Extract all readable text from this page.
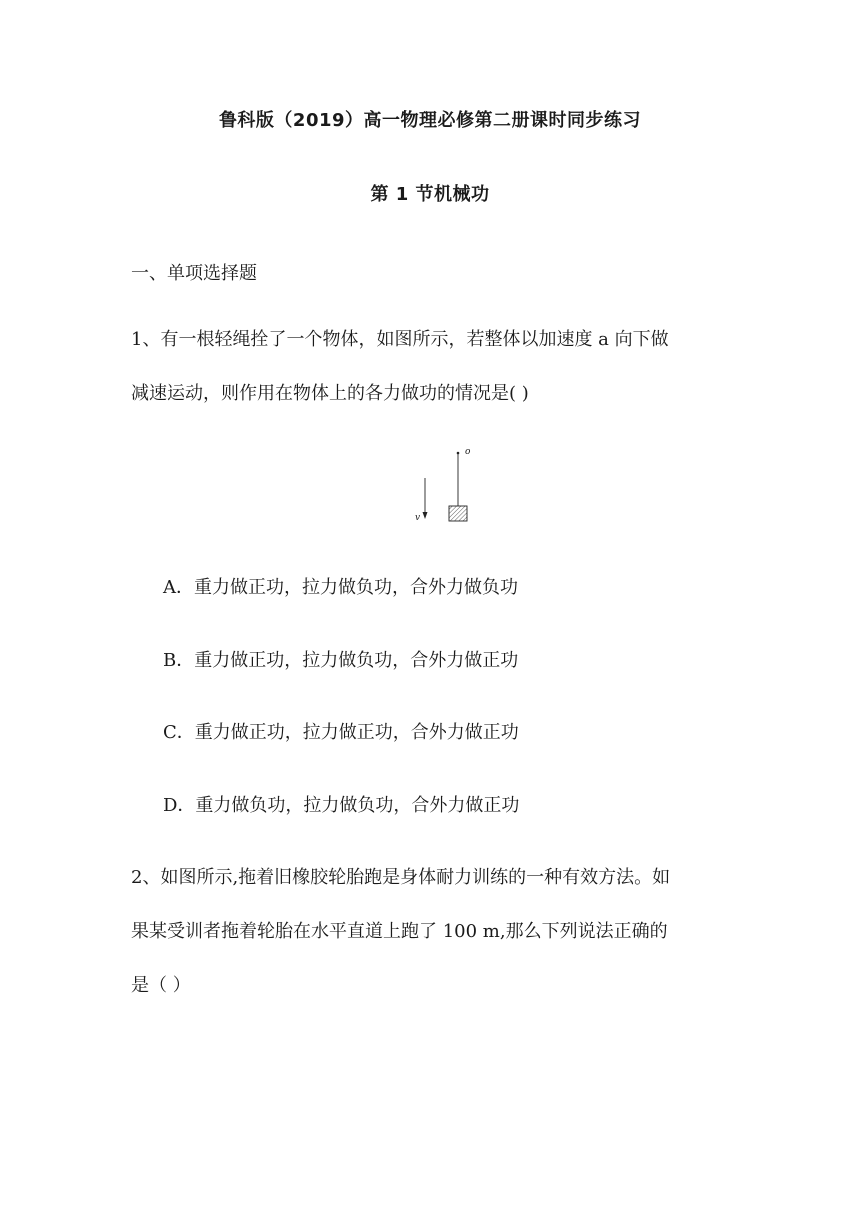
鲁科版（2019）高一物理必修第二册课时同步练习
第 1 节机械功
一、单项选择题
1、有一根轻绳拴了一个物体，如图所示，若整体以加速度 a 向下做
减速运动，则作用在物体上的各力做功的情况是( )
o
v
A．重力做正功，拉力做负功，合外力做负功
B．重力做正功，拉力做负功，合外力做正功
C．重力做正功，拉力做正功，合外力做正功
D．重力做负功，拉力做负功，合外力做正功
2、如图所示,拖着旧橡胶轮胎跑是身体耐力训练的一种有效方法。如
果某受训者拖着轮胎在水平直道上跑了 100 m,那么下列说法正确的
是（ ）
